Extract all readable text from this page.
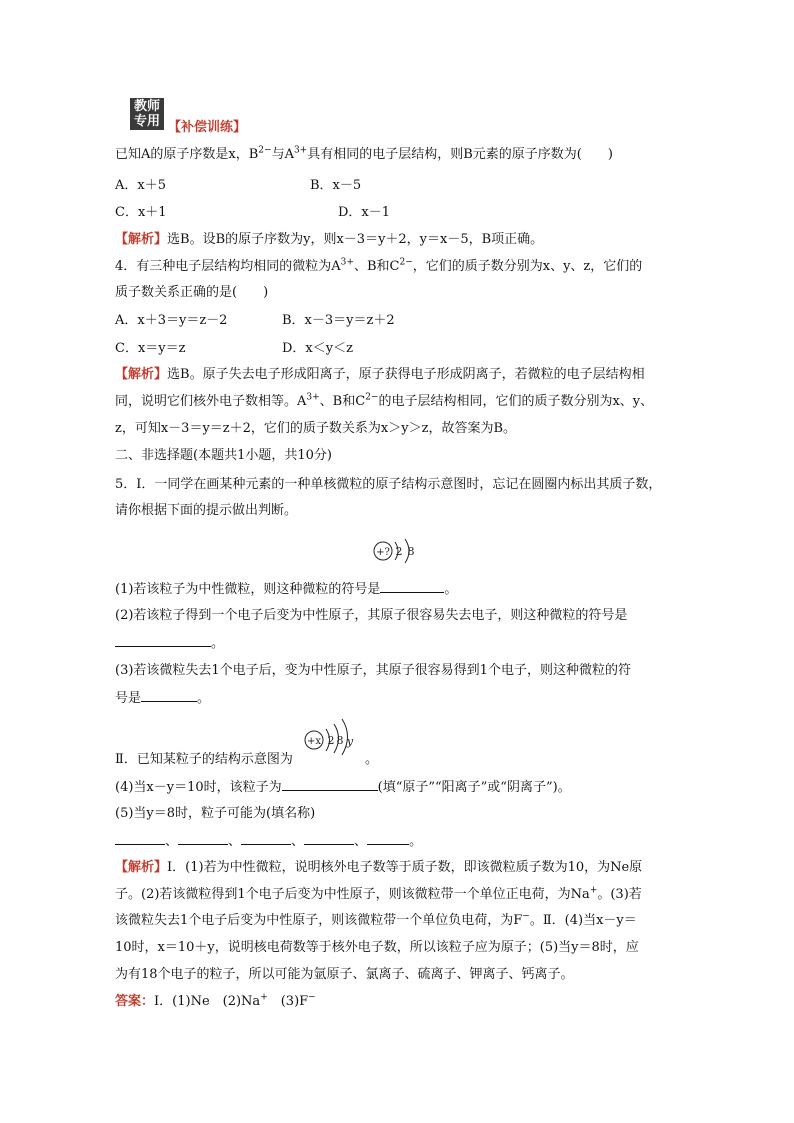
教师
专用 【补偿训练】
已知A的原子序数是x，$B^{2-}$与$A^{3+}$具有相同的电子层结构，则B元素的原子序数为(　　)
A．x＋5	B．x－5
C．x＋1	D．x－1
【解析】选B。设B的原子序数为y，则x－3＝y＋2，y＝x－5，B项正确。
4．有三种电子层结构均相同的微粒为$A^{3+}$、B和$C^{2-}$，它们的质子数分别为x、y、z，它们的
质子数关系正确的是(　　)
A．x＋3＝y＝z－2	B．x－3＝y＝z＋2
C．x＝y＝z	D．x＜y＜z
【解析】选B。原子失去电子形成阳离子，原子获得电子形成阴离子，若微粒的电子层结构相
同，说明它们核外电子数相等。$A^{3+}$、B和$C^{2-}$的电子层结构相同，它们的质子数分别为x、y、
z，可知x－3＝y＝z＋2，它们的质子数关系为x＞y＞z，故答案为B。
二、非选择题(本题共1小题，共10分)
5．Ⅰ．一同学在画某种元素的一种单核微粒的原子结构示意图时，忘记在圆圈内标出其质子数，
请你根据下面的提示做出判断。
+? 2 8
(1)若该粒子为中性微粒，则这种微粒的符号是	。
(2)若该粒子得到一个电子后变为中性原子，其原子很容易失去电子，则这种微粒的符号是
。
(3)若该微粒失去1个电子后，变为中性原子，其原子很容易得到1个电子，则这种微粒的符
号是	。
Ⅱ．已知某粒子的结构示意图为
+x 2 8 y
。
(4)当x－y＝10时，该粒子为	(填“原子”“阳离子”或“阴离子”)。
(5)当y＝8时，粒子可能为(填名称)
、	、	、	、	。
【解析】Ⅰ．(1)若为中性微粒，说明核外电子数等于质子数，即该微粒质子数为10，为Ne原
子。(2)若该微粒得到1个电子后变为中性原子，则该微粒带一个单位正电荷，为Na+。(3)若
该微粒失去1个电子后变为中性原子，则该微粒带一个单位负电荷，为F−。Ⅱ．(4)当x－y＝
10时，x＝10＋y，说明核电荷数等于核外电子数，所以该粒子应为原子；(5)当y＝8时，应
为有18个电子的粒子，所以可能为氩原子、氯离子、硫离子、钾离子、钙离子。
答案：Ⅰ．(1)Ne　(2)Na+　(3)F−
